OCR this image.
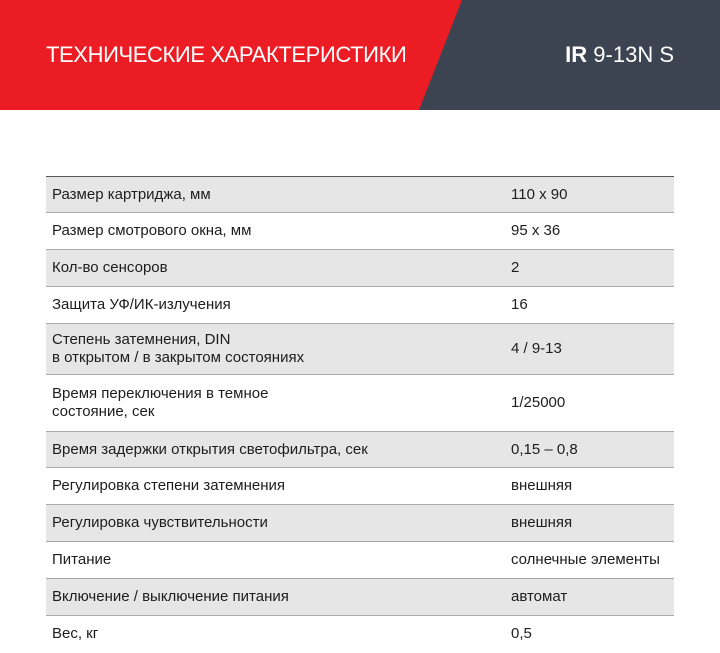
ТЕХНИЧЕСКИЕ ХАРАКТЕРИСТИКИ	IR 9-13N S
Размер картриджа, мм	110 х 90
Размер смотрового окна, мм	95 х 36
Кол-во сенсоров	2
Защита УФ/ИК-излучения	16
Степень затемнения, DIN
в открытом / в закрытом состояниях	4 / 9-13
Время переключения в темное
состояние, сек	1/25000
Время задержки открытия светофильтра, сек	0,15 – 0,8
Регулировка степени затемнения	внешняя
Регулировка чувствительности	внешняя
Питание	солнечные элементы
Включение / выключение питания	автомат
Вес, кг	0,5
